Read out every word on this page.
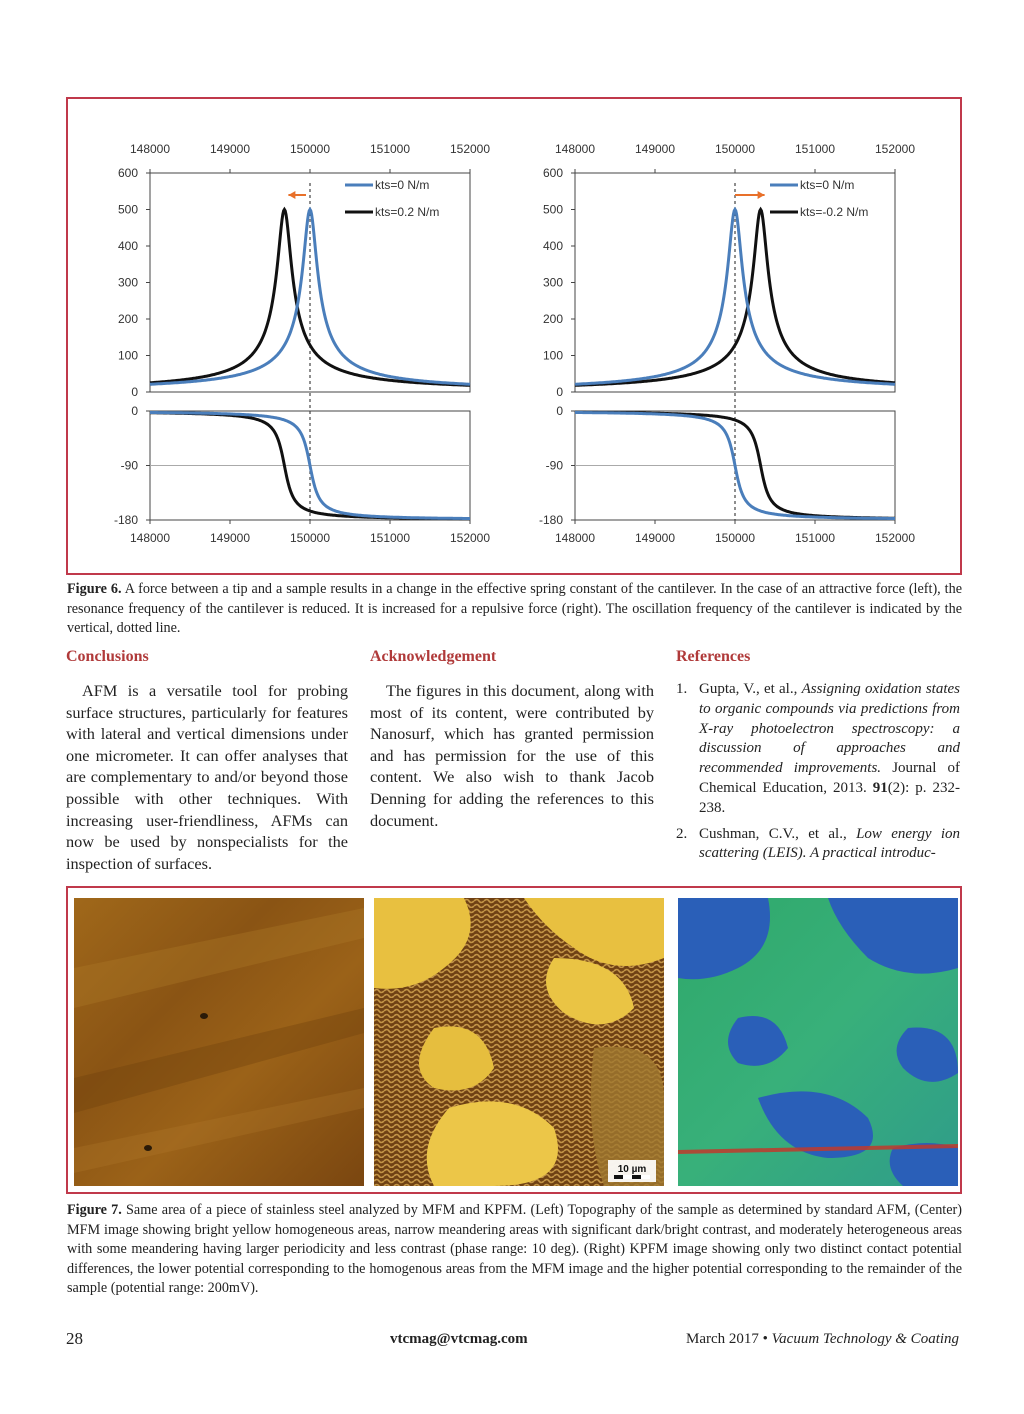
148000	149000	150000	151000	152000
148000	149000	150000	151000	152000
600
500
400
300
200
100
0
0
-90
-180
kts=0 N/m
kts=0.2 N/m
148000	149000	150000	151000	152000
148000	149000	150000	151000	152000
600
500
400
300
200
100
0
0
-90
-180
kts=0 N/m
kts=-0.2 N/m
Figure 6. A force between a tip and a sample results in a change in the effective spring constant of the cantilever. In the case of an attractive force (left), the resonance frequency of the cantilever is reduced. It is increased for a repulsive force (right). The oscillation frequency of the cantilever is indicated by the vertical, dotted line.
Conclusions

AFM is a versatile tool for probing surface structures, particularly for features with lateral and vertical dimensions under one micrometer. It can offer analyses that are complementary to and/or beyond those possible with other techniques. With increasing user-friendliness, AFMs can now be used by nonspecialists for the inspection of surfaces.

Acknowledgement

The figures in this document, along with most of its content, were contributed by Nanosurf, which has granted permission and has permission for the use of this content. We also wish to thank Jacob Denning for adding the references to this document.

References
1. Gupta, V., et al., Assigning oxidation states to organic compounds via predictions from X-ray photoelectron spectroscopy: a discussion of approaches and recommended improvements. Journal of Chemical Education, 2013. 91(2): p. 232-238.
2. Cushman, C.V., et al., Low energy ion scattering (LEIS). A practical introduc-
10 µm
Figure 7. Same area of a piece of stainless steel analyzed by MFM and KPFM. (Left) Topography of the sample as determined by standard AFM, (Center) MFM image showing bright yellow homogeneous areas, narrow meandering areas with significant dark/bright contrast, and moderately heterogeneous areas with some meandering having larger periodicity and less contrast (phase range: 10 deg). (Right) KPFM image showing only two distinct contact potential differences, the lower potential corresponding to the homogenous areas from the MFM image and the higher potential corresponding to the remainder of the sample (potential range: 200mV).
28	vtcmag@vtcmag.com	March 2017 • Vacuum Technology & Coating
